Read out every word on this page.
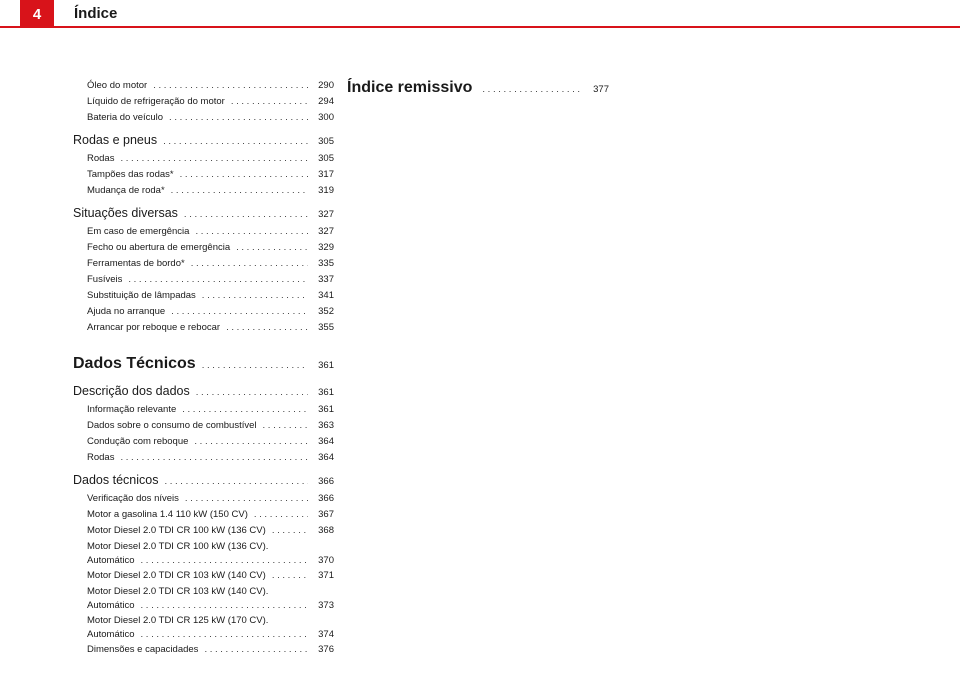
4	Índice
Óleo do motor . . .	290
Líquido de refrigeração do motor . . .	294
Bateria do veículo . . .	300
Rodas e pneus . . .	305
Rodas . . .	305
Tampões das rodas* . . .	317
Mudança de roda* . . .	319
Situações diversas . . .	327
Em caso de emergência . . .	327
Fecho ou abertura de emergência . . .	329
Ferramentas de bordo* . . .	335
Fusíveis . . .	337
Substituição de lâmpadas . . .	341
Ajuda no arranque . . .	352
Arrancar por reboque e rebocar . . .	355
Dados Técnicos . . .	361
Descrição dos dados . . .	361
Informação relevante . . .	361
Dados sobre o consumo de combustível . . .	363
Condução com reboque . . .	364
Rodas . . .	364
Dados técnicos . . .	366
Verificação dos níveis . . .	366
Motor a gasolina 1.4 110 kW (150 CV) . . .	367
Motor Diesel 2.0 TDI CR 100 kW (136 CV) . . .	368
Motor Diesel 2.0 TDI CR 100 kW (136 CV).
Automático . . .	370
Motor Diesel 2.0 TDI CR 103 kW (140 CV) . . .	371
Motor Diesel 2.0 TDI CR 103 kW (140 CV).
Automático . . .	373
Motor Diesel 2.0 TDI CR 125 kW (170 CV).
Automático . . .	374
Dimensões e capacidades . . .	376
Índice remissivo . . .	377
